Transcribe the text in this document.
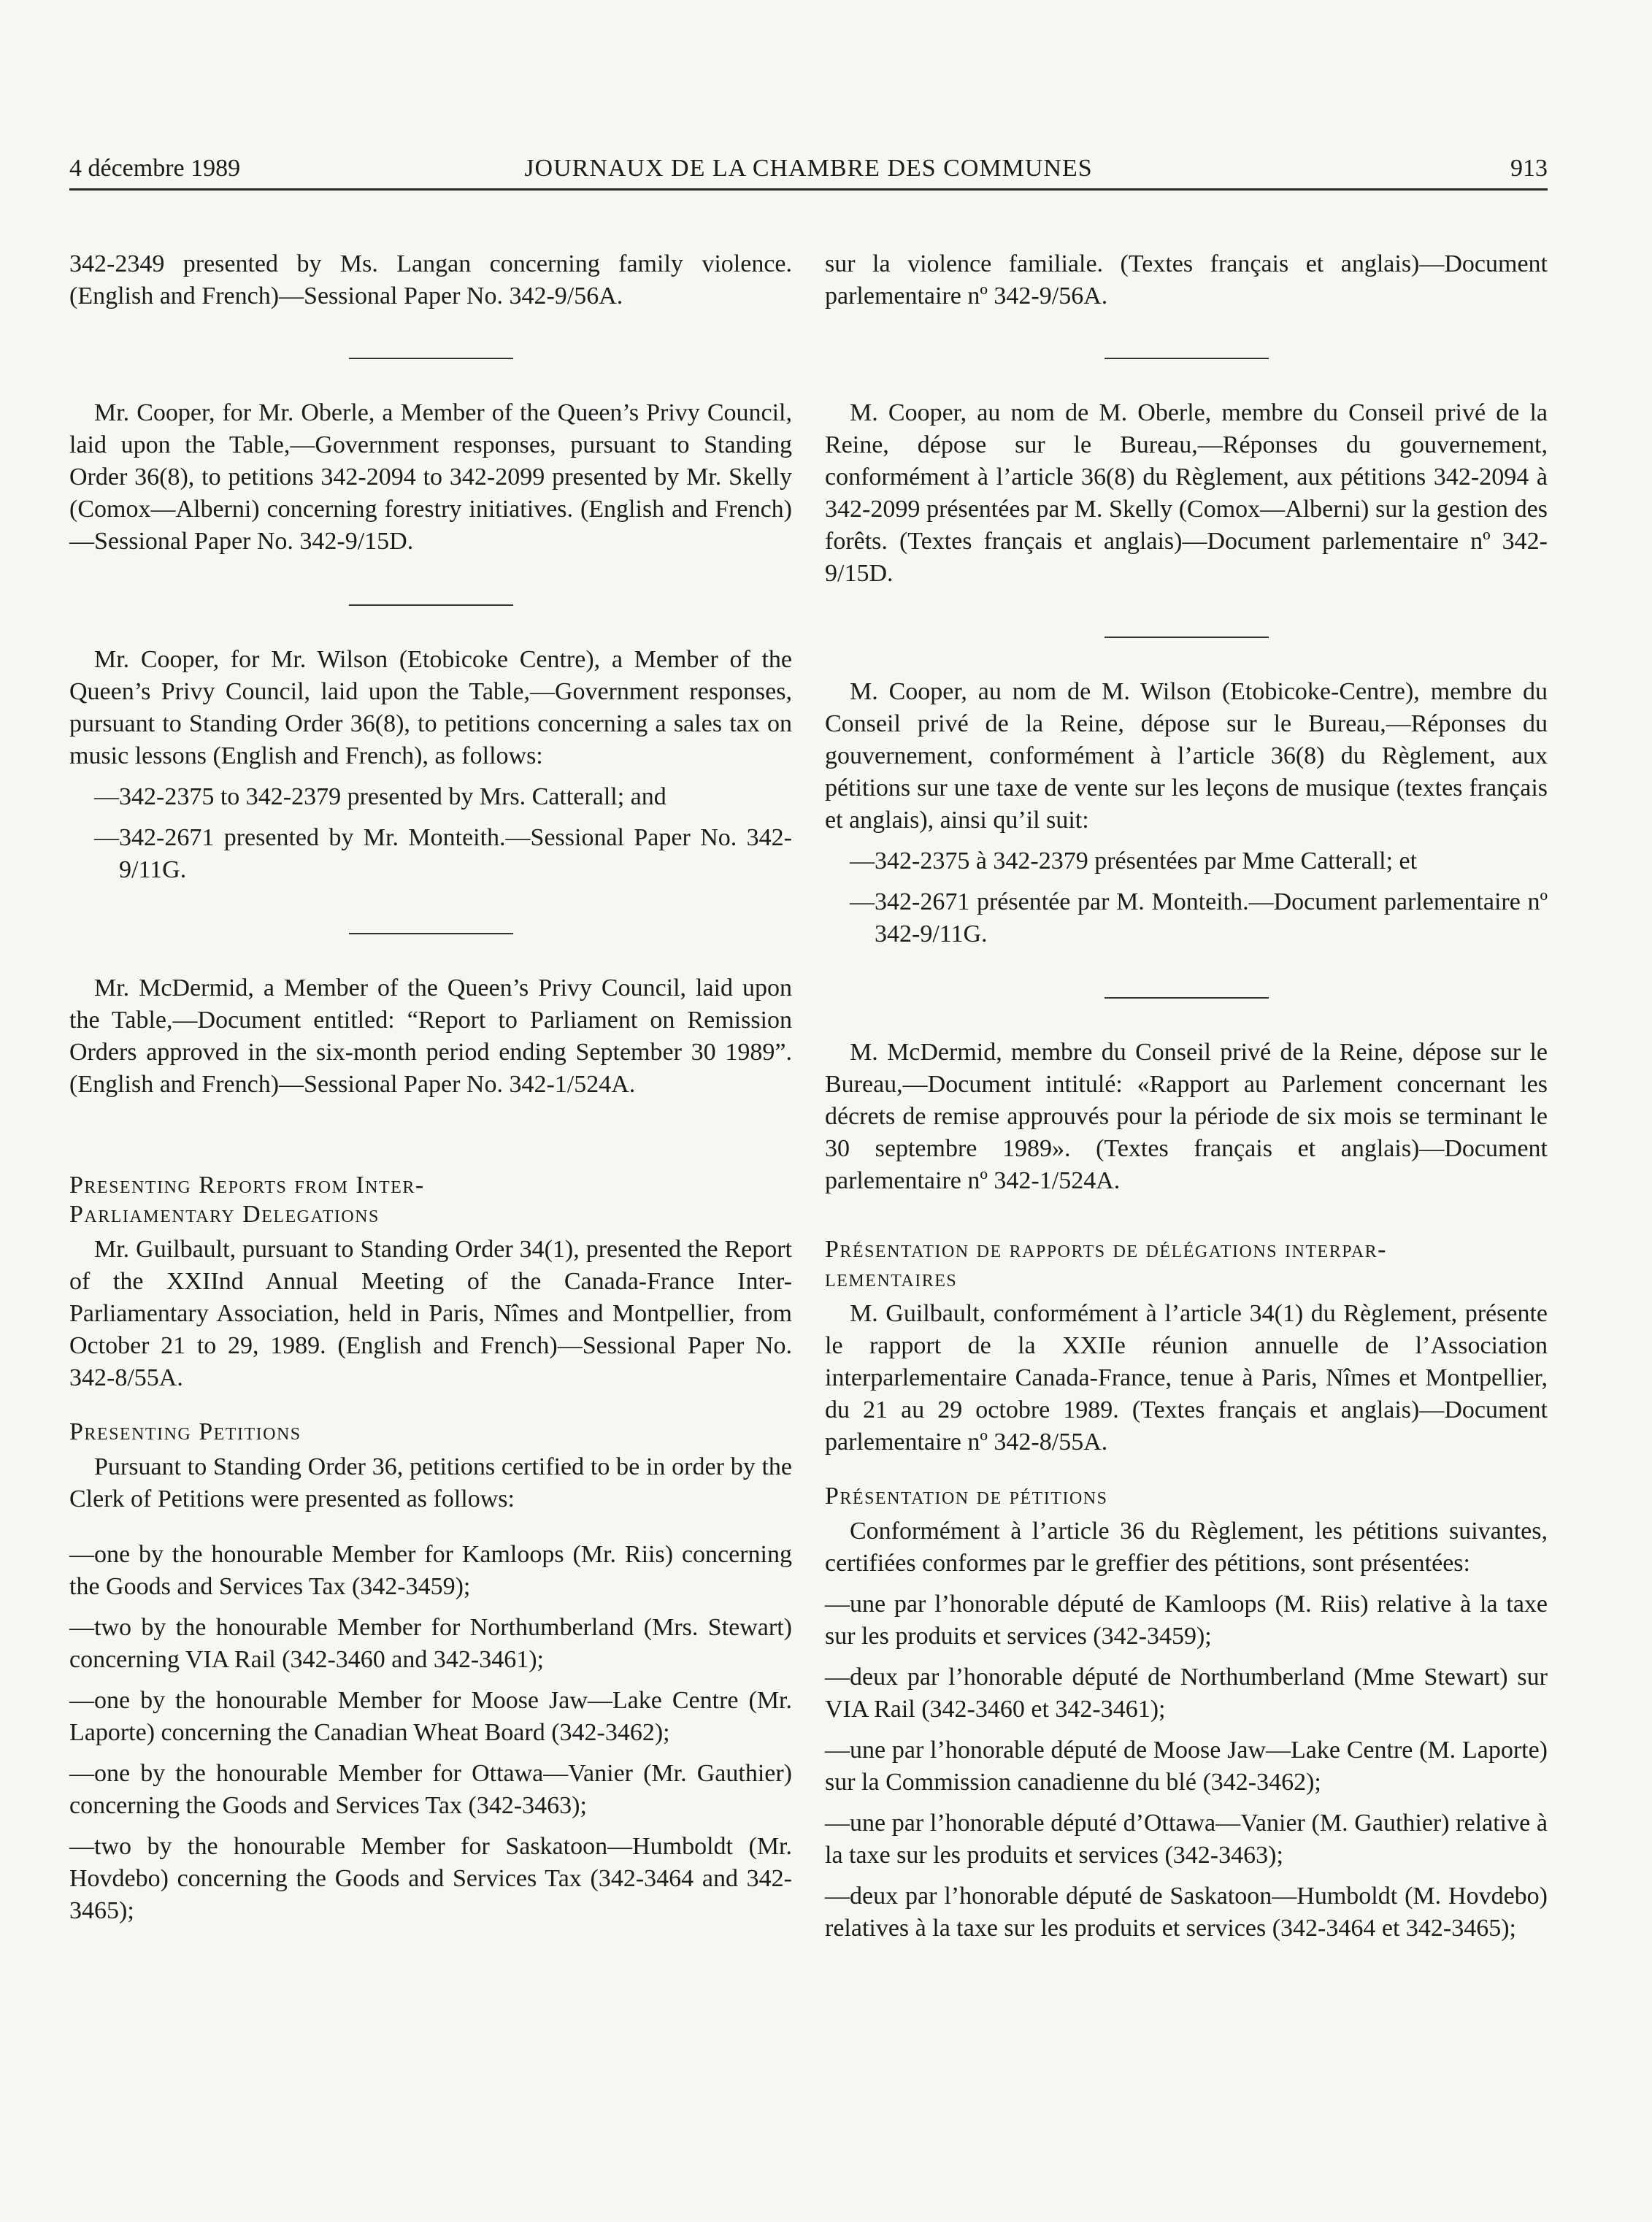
4 décembre 1989	JOURNAUX DE LA CHAMBRE DES COMMUNES	913

342-2349 presented by Ms. Langan concerning family violence. (English and French)—Sessional Paper No. 342-9/56A.

Mr. Cooper, for Mr. Oberle, a Member of the Queen’s Privy Council, laid upon the Table,—Government responses, pursuant to Standing Order 36(8), to petitions 342-2094 to 342-2099 presented by Mr. Skelly (Comox—Alberni) concerning forestry initiatives. (English and French)—Sessional Paper No. 342-9/15D.

Mr. Cooper, for Mr. Wilson (Etobicoke Centre), a Member of the Queen’s Privy Council, laid upon the Table,—Government responses, pursuant to Standing Order 36(8), to petitions concerning a sales tax on music lessons (English and French), as follows:

—342-2375 to 342-2379 presented by Mrs. Catterall; and

—342-2671 presented by Mr. Monteith.—Sessional Paper No. 342-9/11G.

Mr. McDermid, a Member of the Queen’s Privy Council, laid upon the Table,—Document entitled: “Report to Parliament on Remission Orders approved in the six-month period ending September 30 1989”. (English and French)—Sessional Paper No. 342-1/524A.

Presenting Reports from Inter-
Parliamentary Delegations

Mr. Guilbault, pursuant to Standing Order 34(1), presented the Report of the XXIInd Annual Meeting of the Canada-France Inter-Parliamentary Association, held in Paris, Nîmes and Montpellier, from October 21 to 29, 1989. (English and French)—Sessional Paper No. 342-8/55A.

Presenting Petitions

Pursuant to Standing Order 36, petitions certified to be in order by the Clerk of Petitions were presented as follows:

—one by the honourable Member for Kamloops (Mr. Riis) concerning the Goods and Services Tax (342-3459);

—two by the honourable Member for Northumberland (Mrs. Stewart) concerning VIA Rail (342-3460 and 342-3461);

—one by the honourable Member for Moose Jaw—Lake Centre (Mr. Laporte) concerning the Canadian Wheat Board (342-3462);

—one by the honourable Member for Ottawa—Vanier (Mr. Gauthier) concerning the Goods and Services Tax (342-3463);

—two by the honourable Member for Saskatoon—Humboldt (Mr. Hovdebo) concerning the Goods and Services Tax (342-3464 and 342-3465);

sur la violence familiale. (Textes français et anglais)—Document parlementaire nº 342-9/56A.

M. Cooper, au nom de M. Oberle, membre du Conseil privé de la Reine, dépose sur le Bureau,—Réponses du gouvernement, conformément à l’article 36(8) du Règlement, aux pétitions 342-2094 à 342-2099 présentées par M. Skelly (Comox—Alberni) sur la gestion des forêts. (Textes français et anglais)—Document parlementaire nº 342-9/15D.

M. Cooper, au nom de M. Wilson (Etobicoke-Centre), membre du Conseil privé de la Reine, dépose sur le Bureau,—Réponses du gouvernement, conformément à l’article 36(8) du Règlement, aux pétitions sur une taxe de vente sur les leçons de musique (textes français et anglais), ainsi qu’il suit:

—342-2375 à 342-2379 présentées par Mme Catterall; et

—342-2671 présentée par M. Monteith.—Document parlementaire nº 342-9/11G.

M. McDermid, membre du Conseil privé de la Reine, dépose sur le Bureau,—Document intitulé: «Rapport au Parlement concernant les décrets de remise approuvés pour la période de six mois se terminant le 30 septembre 1989». (Textes français et anglais)—Document parlementaire nº 342-1/524A.

Présentation de rapports de délégations interpar-
lementaires

M. Guilbault, conformément à l’article 34(1) du Règlement, présente le rapport de la XXIIe réunion annuelle de l’Association interparlementaire Canada-France, tenue à Paris, Nîmes et Montpellier, du 21 au 29 octobre 1989. (Textes français et anglais)—Document parlementaire nº 342-8/55A.

Présentation de pétitions

Conformément à l’article 36 du Règlement, les pétitions suivantes, certifiées conformes par le greffier des pétitions, sont présentées:

—une par l’honorable député de Kamloops (M. Riis) relative à la taxe sur les produits et services (342-3459);

—deux par l’honorable député de Northumberland (Mme Stewart) sur VIA Rail (342-3460 et 342-3461);

—une par l’honorable député de Moose Jaw—Lake Centre (M. Laporte) sur la Commission canadienne du blé (342-3462);

—une par l’honorable député d’Ottawa—Vanier (M. Gauthier) relative à la taxe sur les produits et services (342-3463);

—deux par l’honorable député de Saskatoon—Humboldt (M. Hovdebo) relatives à la taxe sur les produits et services (342-3464 et 342-3465);
